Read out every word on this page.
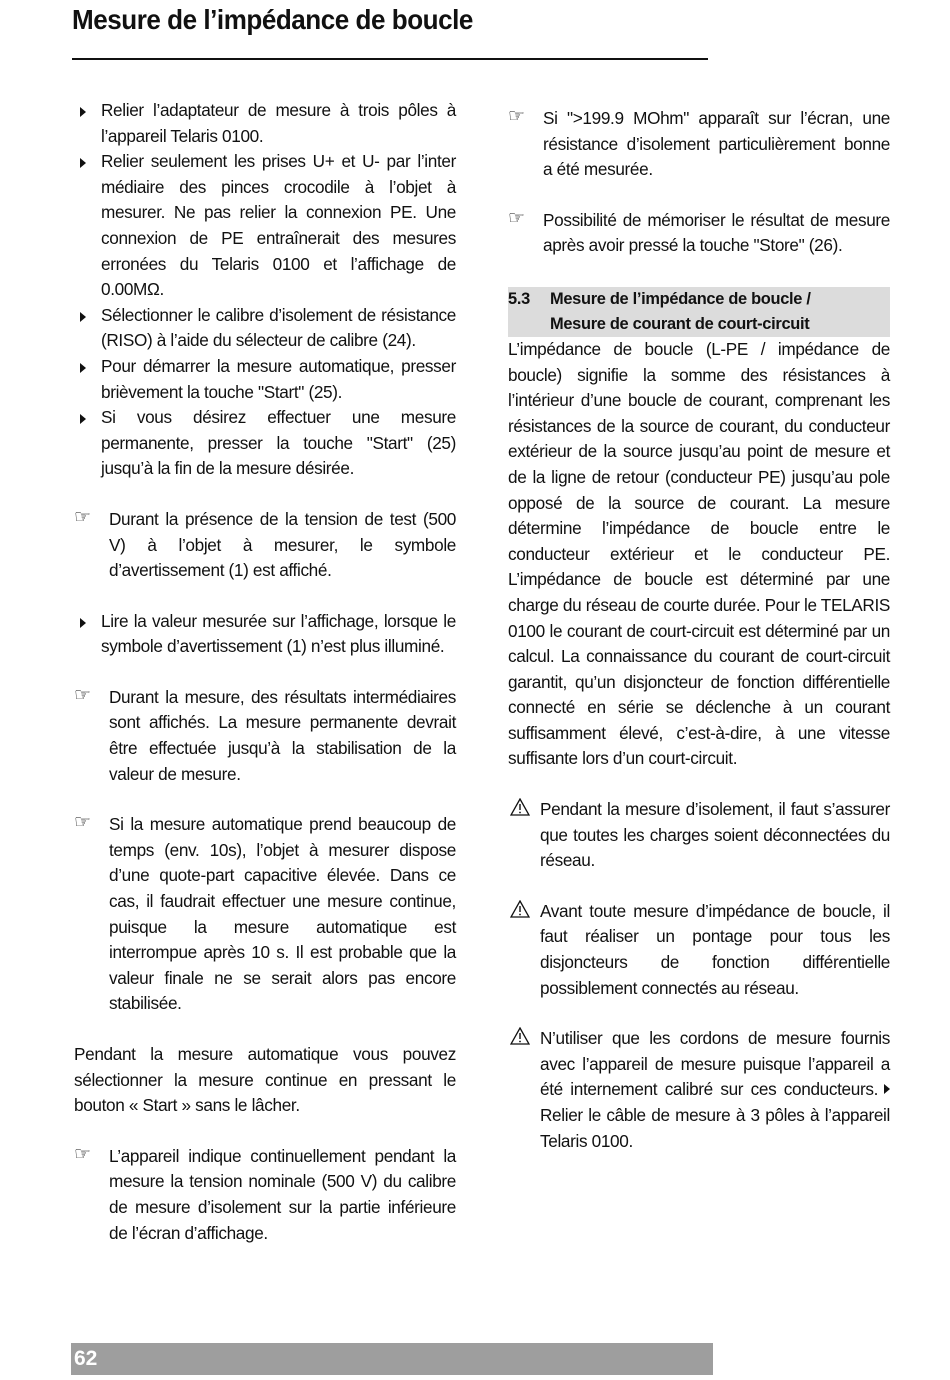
Mesure de l’impédance de boucle
Relier l’adaptateur de mesure à trois pôles à l’appareil Telaris 0100.
Relier seulement les prises U+ et U- par l’inter médiaire des pinces crocodile à l’objet à mesurer. Ne pas relier la connexion PE. Une connexion de PE entraînerait des mesures erronées du Telaris 0100 et l’affichage de 0.00MΩ.
Sélectionner le calibre d’isolement de résistance (RISO) à l’aide du sélecteur de calibre (24).
Pour démarrer la mesure automatique, presser brièvement la touche "Start" (25).
Si vous désirez effectuer une mesure permanente, presser la touche "Start" (25) jusqu’à la fin de la mesure désirée.
☞ Durant la présence de la tension de test (500 V) à l’objet à mesurer, le symbole d’avertissement (1) est affiché.
Lire la valeur mesurée sur l’affichage, lorsque le symbole d’avertissement (1) n’est plus illuminé.
☞ Durant la mesure, des résultats intermédiaires sont affichés. La mesure permanente devrait être effectuée jusqu’à la stabilisation de la valeur de mesure.
☞ Si la mesure automatique prend beaucoup de temps (env. 10s), l’objet à mesurer dispose d’une quote-part capacitive élevée. Dans ce cas, il faudrait effectuer une mesure continue, puisque la mesure automatique est interrompue après 10 s. Il est probable que la valeur finale ne se serait alors pas encore stabilisée.
Pendant la mesure automatique vous pouvez sélectionner la mesure continue en pressant le bouton « Start » sans le lâcher.
☞ L’appareil indique continuellement pendant la mesure la tension nominale (500 V) du calibre de mesure d’isolement sur la partie inférieure de l’écran d’affichage.
☞ Si ">199.9 MOhm" apparaît sur l’écran, une résistance d’isolement particulièrement bonne a été mesurée.
☞ Possibilité de mémoriser le résultat de mesure après avoir pressé la touche "Store" (26).
5.3 Mesure de l’impédance de boucle /
Mesure de courant de court-circuit
L’impédance de boucle (L-PE / impédance de boucle) signifie la somme des résistances à l’intérieur d’une boucle de courant, comprenant les résistances de la source de courant, du conducteur extérieur de la source jusqu’au point de mesure et de la ligne de retour (conducteur PE) jusqu’au pole opposé de la source de courant. La mesure détermine l’impédance de boucle entre le conducteur extérieur et le conducteur PE. L’impédance de boucle est déterminé par une charge du réseau de courte durée. Pour le TELARIS 0100 le courant de court-circuit est déterminé par un calcul. La connaissance du courant de court-circuit garantit, qu’un disjoncteur de fonction différentielle connecté en série se déclenche à un courant suffisamment élevé, c’est-à-dire, à une vitesse suffisante lors d’un court-circuit.
Pendant la mesure d’isolement, il faut s’assurer que toutes les charges soient déconnectées du réseau.
Avant toute mesure d’impédance de boucle, il faut réaliser un pontage pour tous les disjoncteurs de fonction différentielle possiblement connectés au réseau.
N’utiliser que les cordons de mesure fournis avec l’appareil de mesure puisque l’appareil a été internement calibré sur ces conducteurs. Relier le câble de mesure à 3 pôles à l’appareil Telaris 0100.
62
